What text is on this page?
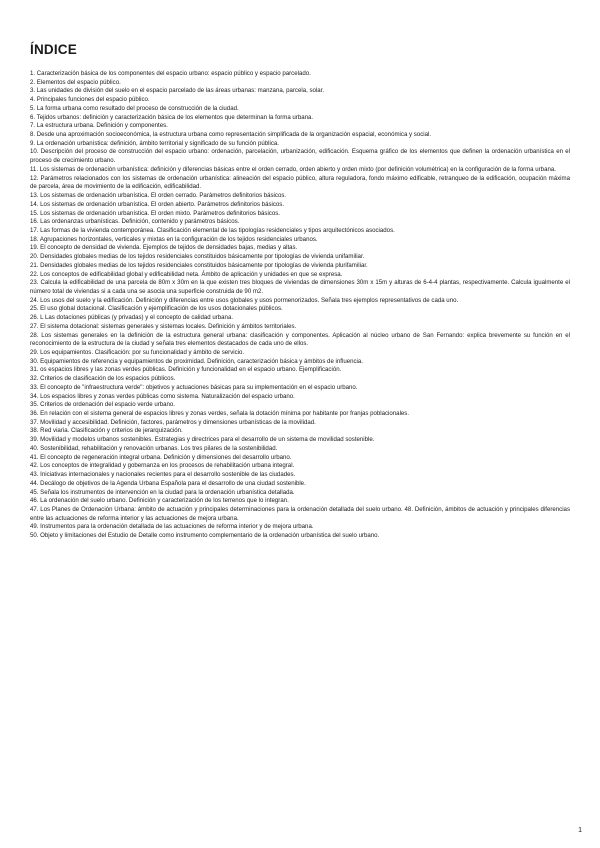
ÍNDICE
1. Caracterización básica de los componentes del espacio urbano: espacio público y espacio parcelado.
2. Elementos del espacio público.
3. Las unidades de división del suelo en el espacio parcelado de las áreas urbanas: manzana, parcela, solar.
4. Principales funciones del espacio público.
5. La forma urbana como resultado del proceso de construcción de la ciudad.
6. Tejidos urbanos: definición y caracterización básica de los elementos que determinan la forma urbana.
7. La estructura urbana. Definición y componentes.
8. Desde una aproximación socioeconómica, la estructura urbana como representación simplificada de la organización espacial, económica y social.
9. La ordenación urbanística: definición, ámbito territorial y significado de su función pública.
10. Descripción del proceso de construcción del espacio urbano: ordenación, parcelación, urbanización, edificación. Esquema gráfico de los elementos que definen la ordenación urbanística en el proceso de crecimiento urbano.
11. Los sistemas de ordenación urbanística: definición y diferencias básicas entre el orden cerrado, orden abierto y orden mixto (por definición volumétrica) en la configuración de la forma urbana.
12. Parámetros relacionados con los sistemas de ordenación urbanística: alineación del espacio público, altura reguladora, fondo máximo edificable, retranqueo de la edificación, ocupación máxima de parcela, área de movimiento de la edificación, edificabilidad.
13. Los sistemas de ordenación urbanística. El orden cerrado. Parámetros definitorios básicos.
14. Los sistemas de ordenación urbanística. El orden abierto. Parámetros definitorios básicos.
15. Los sistemas de ordenación urbanística. El orden mixto. Parámetros definitorios básicos.
16. Las ordenanzas urbanísticas. Definición, contenido y parámetros básicos.
17. Las formas de la vivienda contemporánea. Clasificación elemental de las tipologías residenciales y tipos arquitectónicos asociados.
18. Agrupaciones horizontales, verticales y mixtas en la configuración de los tejidos residenciales urbanos.
19. El concepto de densidad de vivienda. Ejemplos de tejidos de densidades bajas, medias y altas.
20. Densidades globales medias de los tejidos residenciales constituidos básicamente por tipologías de vivienda unifamiliar.
21. Densidades globales medias de los tejidos residenciales constituidos básicamente por tipologías de vivienda plurifamiliar.
22. Los conceptos de edificabilidad global y edificabilidad neta. Ámbito de aplicación y unidades en que se expresa.
23. Calcula la edificabilidad de una parcela de 80m x 30m en la que existen tres bloques de viviendas de dimensiones 30m x 15m y alturas de 6-4-4 plantas, respectivamente. Calcula igualmente el número total de viviendas si a cada una se asocia una superficie construida de 90 m2.
24. Los usos del suelo y la edificación. Definición y diferencias entre usos globales y usos pormenorizados. Señala tres ejemplos representativos de cada uno.
25. El uso global dotacional. Clasificación y ejemplificación de los usos dotacionales públicos.
26. L Las dotaciones públicas (y privadas) y el concepto de calidad urbana.
27. El sistema dotacional: sistemas generales y sistemas locales. Definición y ámbitos territoriales.
28. Los sistemas generales en la definición de la estructura general urbana: clasificación y componentes. Aplicación al núcleo urbano de San Fernando: explica brevemente su función en el reconocimiento de la estructura de la ciudad y señala tres elementos destacados de cada uno de ellos.
29. Los equipamientos. Clasificación: por su funcionalidad y ámbito de servicio.
30. Equipamientos de referencia y equipamientos de proximidad. Definición, caracterización básica y ámbitos de influencia.
31. os espacios libres y las zonas verdes públicas. Definición y funcionalidad en el espacio urbano. Ejemplificación.
32. Criterios de clasificación de los espacios públicos.
33. El concepto de "infraestructura verde": objetivos y actuaciones básicas para su implementación en el espacio urbano.
34. Los espacios libres y zonas verdes públicas como sistema. Naturalización del espacio urbano.
35. Criterios de ordenación del espacio verde urbano.
36. En relación con el sistema general de espacios libres y zonas verdes, señala la dotación mínima por habitante por franjas poblacionales.
37. Movilidad y accesibilidad. Definición, factores, parámetros y dimensiones urbanísticas de la movilidad.
38. Red viaria. Clasificación y criterios de jerarquización.
39. Movilidad y modelos urbanos sostenibles. Estrategias y directrices para el desarrollo de un sistema de movilidad sostenible.
40. Sostenibilidad, rehabilitación y renovación urbanas. Los tres pilares de la sostenibilidad.
41. El concepto de regeneración integral urbana. Definición y dimensiones del desarrollo urbano.
42. Los conceptos de integralidad y gobernanza en los procesos de rehabilitación urbana integral.
43. Iniciativas internacionales y nacionales recientes para el desarrollo sostenible de las ciudades.
44. Decálogo de objetivos de la Agenda Urbana Española para el desarrollo de una ciudad sostenible.
45. Señala los instrumentos de intervención en la ciudad para la ordenación urbanística detallada.
46. La ordenación del suelo urbano. Definición y caracterización de los terrenos que lo integran.
47. Los Planes de Ordenación Urbana: ámbito de actuación y principales determinaciones para la ordenación detallada del suelo urbano. 48. Definición, ámbitos de actuación y principales diferencias entre las actuaciones de reforma interior y las actuaciones de mejora urbana.
49. Instrumentos para la ordenación detallada de las actuaciones de reforma interior y de mejora urbana.
50. Objeto y limitaciones del Estudio de Detalle como instrumento complementario de la ordenación urbanística del suelo urbano.
1
